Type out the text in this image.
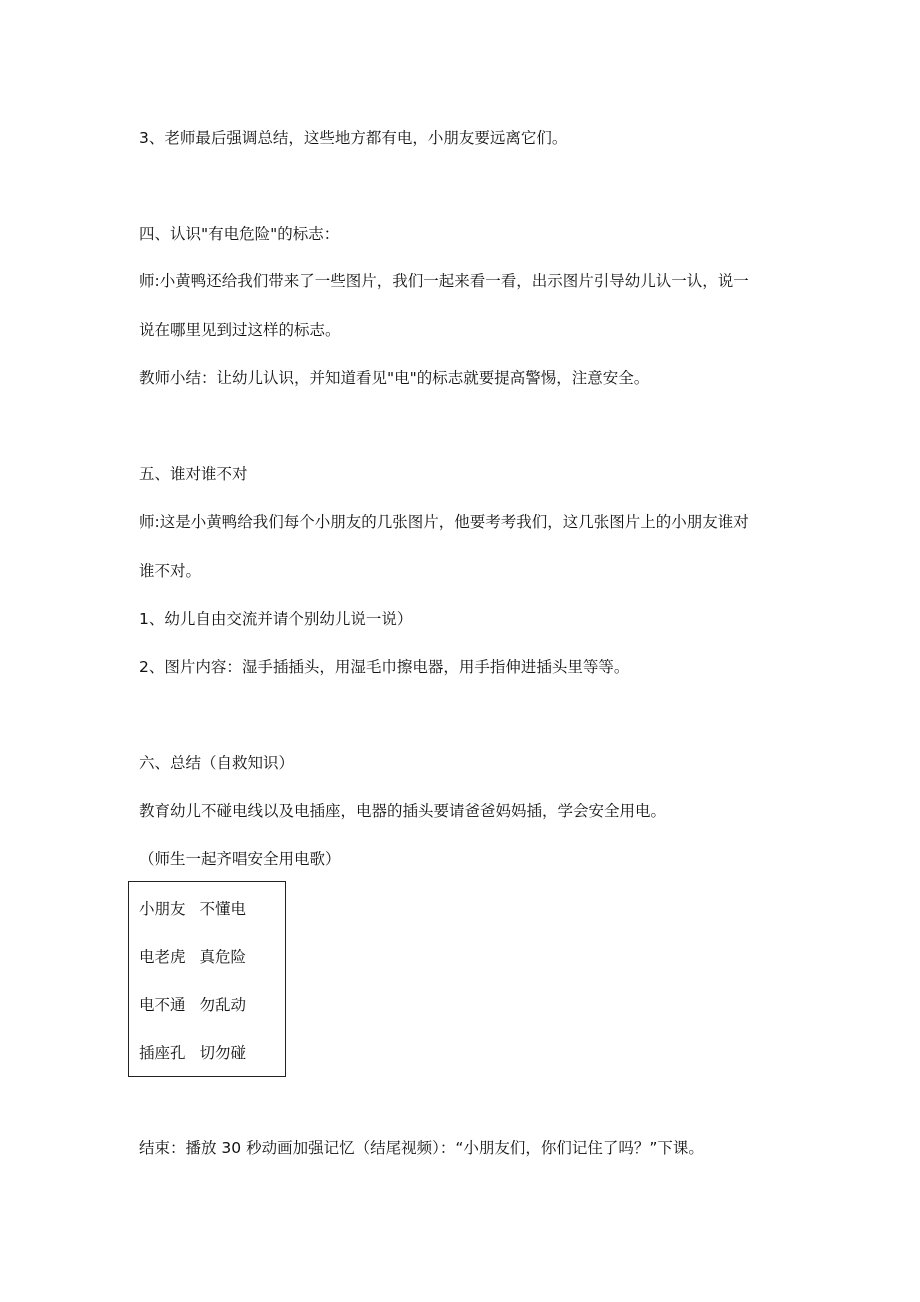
3、老师最后强调总结，这些地方都有电，小朋友要远离它们。

四、认识"有电危险"的标志：

师:小黄鸭还给我们带来了一些图片，我们一起来看一看，出示图片引导幼儿认一认，说一

说在哪里见到过这样的标志。

教师小结：让幼儿认识，并知道看见"电"的标志就要提高警惕，注意安全。

五、谁对谁不对

师:这是小黄鸭给我们每个小朋友的几张图片，他要考考我们，这几张图片上的小朋友谁对

谁不对。

1、幼儿自由交流并请个别幼儿说一说）

2、图片内容：湿手插插头，用湿毛巾擦电器，用手指伸进插头里等等。

六、总结（自救知识）

教育幼儿不碰电线以及电插座，电器的插头要请爸爸妈妈插，学会安全用电。

（师生一起齐唱安全用电歌）

小朋友 不懂电
电老虎 真危险
电不通 勿乱动
插座孔 切勿碰

结束：播放 30 秒动画加强记忆（结尾视频）：“小朋友们，你们记住了吗？”下课。
